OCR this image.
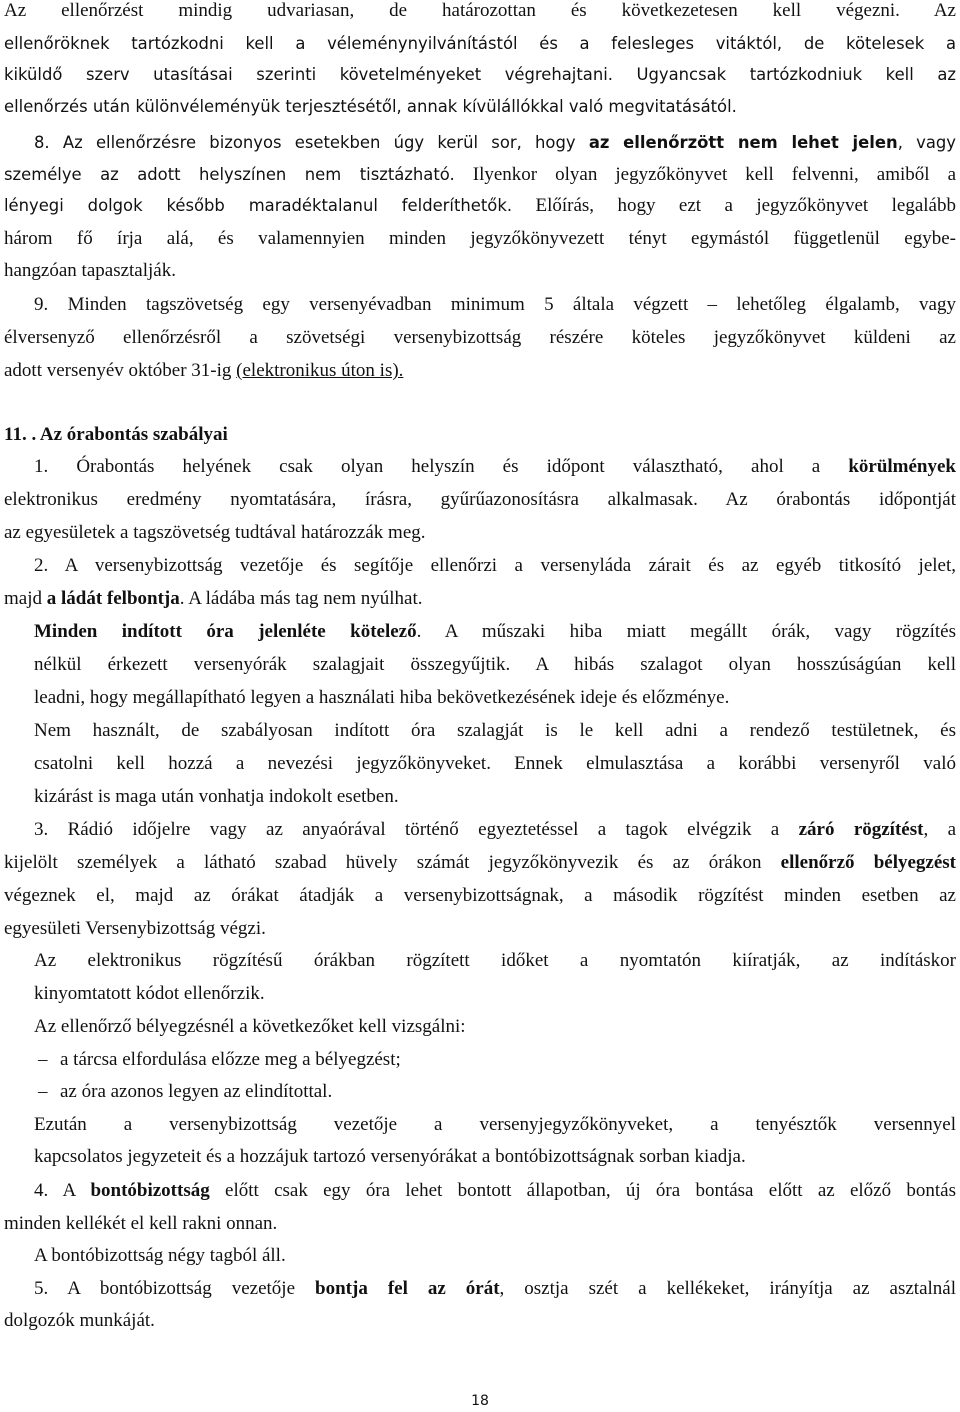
Az ellenőrzést mindig udvariasan, de határozottan és következetesen kell végezni. Az
ellenőröknek tartózkodni kell a véleménynyilvánítástól és a felesleges vitáktól, de kötelesek a
kiküldő szerv utasításai szerinti követelményeket végrehajtani. Ugyancsak tartózkodniuk kell az
ellenőrzés után különvéleményük terjesztésétől, annak kívülállókkal való megvitatásától.
8. Az ellenőrzésre bizonyos esetekben úgy kerül sor, hogy az ellenőrzött nem lehet jelen, vagy
személye az adott helyszínen nem tisztázható. Ilyenkor olyan jegyzőkönyvet kell felvenni, amiből a
lényegi dolgok később maradéktalanul felderíthetők. Előírás, hogy ezt a jegyzőkönyvet legalább
három fő írja alá, és valamennyien minden jegyzőkönyvezett tényt egymástól függetlenül egybe-
hangzóan tapasztalják.
9. Minden tagszövetség egy versenyévadban minimum 5 általa végzett – lehetőleg élgalamb, vagy
élversenyző ellenőrzésről a szövetségi versenybizottság részére köteles jegyzőkönyvet küldeni az
adott versenyév október 31-ig (elektronikus úton is).
11. . Az órabontás szabályai
1. Órabontás helyének csak olyan helyszín és időpont választható, ahol a körülmények
elektronikus eredmény nyomtatására, írásra, gyűrűazonosításra alkalmasak. Az órabontás időpontját
az egyesületek a tagszövetség tudtával határozzák meg.
2. A versenybizottság vezetője és segítője ellenőrzi a versenyláda zárait és az egyéb titkosító jelet,
majd a ládát felbontja. A ládába más tag nem nyúlhat.
Minden indított óra jelenléte kötelező. A műszaki hiba miatt megállt órák, vagy rögzítés
nélkül érkezett versenyórák szalagjait összegyűjtik. A hibás szalagot olyan hosszúságúan kell
leadni, hogy megállapítható legyen a használati hiba bekövetkezésének ideje és előzménye.
Nem használt, de szabályosan indított óra szalagját is le kell adni a rendező testületnek, és
csatolni kell hozzá a nevezési jegyzőkönyveket. Ennek elmulasztása a korábbi versenyről való
kizárást is maga után vonhatja indokolt esetben.
3. Rádió időjelre vagy az anyaórával történő egyeztetéssel a tagok elvégzik a záró rögzítést, a
kijelölt személyek a látható szabad hüvely számát jegyzőkönyvezik és az órákon ellenőrző bélyegzést
végeznek el, majd az órákat átadják a versenybizottságnak, a második rögzítést minden esetben az
egyesületi Versenybizottság végzi.
Az elektronikus rögzítésű órákban rögzített időket a nyomtatón kiíratják, az indításkor
kinyomtatott kódot ellenőrzik.
Az ellenőrző bélyegzésnél a következőket kell vizsgálni:
– a tárcsa elfordulása előzze meg a bélyegzést;
– az óra azonos legyen az elindítottal.
Ezután a versenybizottság vezetője a versenyjegyzőkönyveket, a tenyésztők versennyel
kapcsolatos jegyzeteit és a hozzájuk tartozó versenyórákat a bontóbizottságnak sorban kiadja.
4. A bontóbizottság előtt csak egy óra lehet bontott állapotban, új óra bontása előtt az előző bontás
minden kellékét el kell rakni onnan.
A bontóbizottság négy tagból áll.
5. A bontóbizottság vezetője bontja fel az órát, osztja szét a kellékeket, irányítja az asztalnál
dolgozók munkáját.
18
